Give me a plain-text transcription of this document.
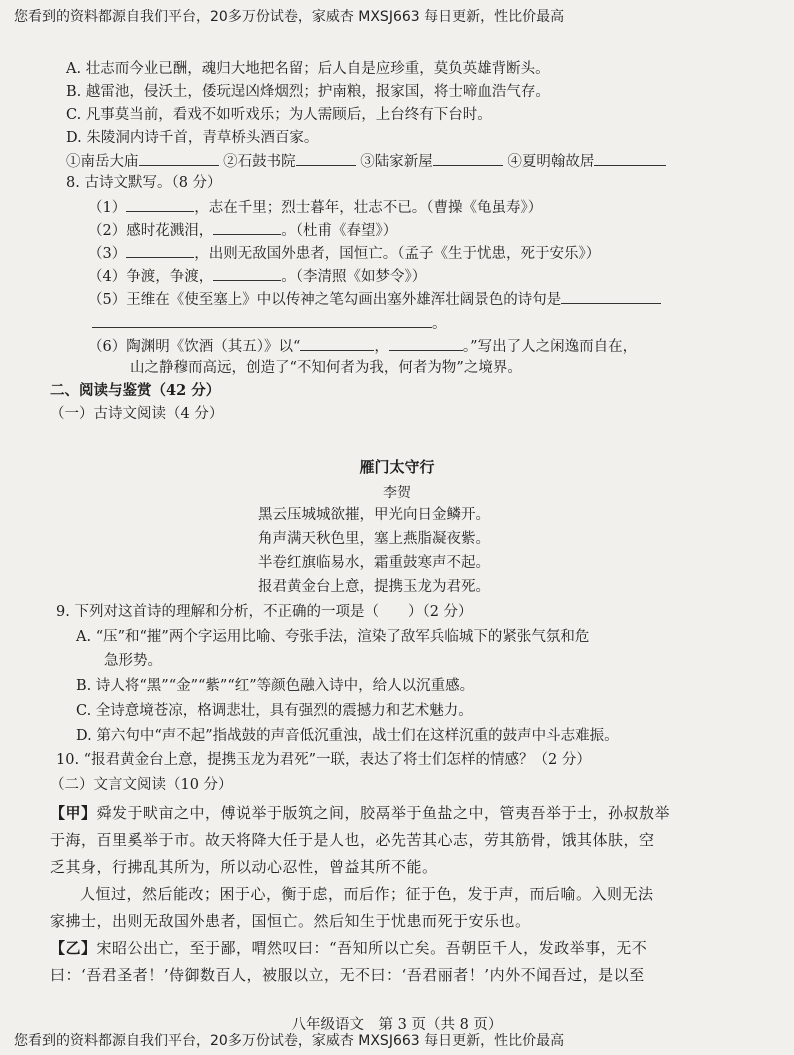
您看到的资料都源自我们平台，20多万份试卷，家威杏 MXSJ663 每日更新，性比价最高
A. 壮志而今业已酬，魂归大地把名留；后人自是应珍重，莫负英雄背断头。
B. 越雷池，侵沃土，倭玩逞凶烽烟烈；护南粮，报家国，将士啼血浩气存。
C. 凡事莫当前，看戏不如听戏乐；为人需顾后，上台终有下台时。
D. 朱陵洞内诗千首，青草桥头酒百家。
①南岳大庙	②石鼓书院	③陆家新屋	④夏明翰故居
8. 古诗文默写。（8 分）
（1）	，志在千里；烈士暮年，壮志不已。（曹操《龟虽寿》）
（2）感时花溅泪，	。（杜甫《春望》）
（3）	，出则无敌国外患者，国恒亡。（孟子《生于忧患，死于安乐》）
（4）争渡，争渡，	。（李清照《如梦令》）
（5）王维在《使至塞上》中以传神之笔勾画出塞外雄浑壮阔景色的诗句是
。
（6）陶渊明《饮酒（其五）》以“	，	。”写出了人之闲逸而自在，
山之静穆而高远，创造了“不知何者为我，何者为物”之境界。
二、阅读与鉴赏（42 分）
（一）古诗文阅读（4 分）
雁门太守行
李贺
黑云压城城欲摧，甲光向日金鳞开。
角声满天秋色里，塞上燕脂凝夜紫。
半卷红旗临易水，霜重鼓寒声不起。
报君黄金台上意，提携玉龙为君死。
9. 下列对这首诗的理解和分析，不正确的一项是（　　）（2 分）
A. “压”和“摧”两个字运用比喻、夸张手法，渲染了敌军兵临城下的紧张气氛和危
急形势。
B. 诗人将“黑”“金”“紫”“红”等颜色融入诗中，给人以沉重感。
C. 全诗意境苍凉，格调悲壮，具有强烈的震撼力和艺术魅力。
D. 第六句中“声不起”指战鼓的声音低沉重浊，战士们在这样沉重的鼓声中斗志难振。
10. “报君黄金台上意，提携玉龙为君死”一联，表达了将士们怎样的情感？（2 分）
（二）文言文阅读（10 分）
【甲】舜发于畎亩之中，傅说举于版筑之间，胶鬲举于鱼盐之中，管夷吾举于士，孙叔敖举
于海，百里奚举于市。故天将降大任于是人也，必先苦其心志，劳其筋骨，饿其体肤，空
乏其身，行拂乱其所为，所以动心忍性，曾益其所不能。
人恒过，然后能改；困于心，衡于虑，而后作；征于色，发于声，而后喻。入则无法
家拂士，出则无敌国外患者，国恒亡。然后知生于忧患而死于安乐也。
【乙】宋昭公出亡，至于鄙，喟然叹曰：“吾知所以亡矣。吾朝臣千人，发政举事，无不
曰：‘吾君圣者！’侍御数百人，被服以立，无不曰：‘吾君丽者！’内外不闻吾过，是以至
八年级语文　第 3 页（共 8 页）
您看到的资料都源自我们平台，20多万份试卷，家威杏 MXSJ663 每日更新，性比价最高
